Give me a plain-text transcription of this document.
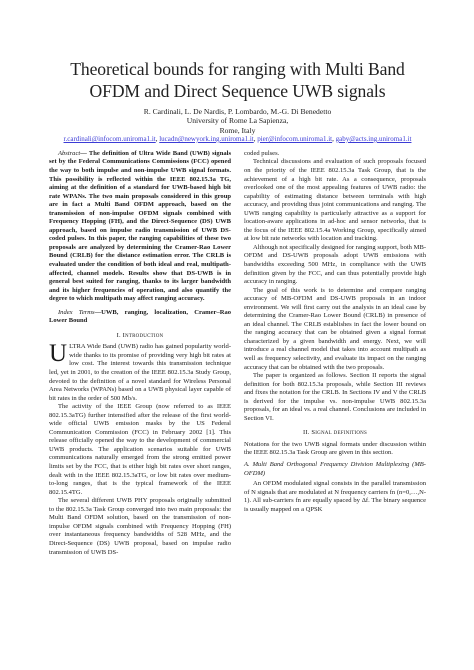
Theoretical bounds for ranging with Multi Band OFDM and Direct Sequence UWB signals
R. Cardinali, L. De Nardis, P. Lombardo, M.-G. Di Benedetto
University of Rome La Sapienza,
Rome, Italy
r.cardinali@infocom.uniroma1.it, lucadn@newyork.ing.uniroma1.it, pier@infocom.uniroma1.it, gaby@acts.ing.uniroma1.it

Abstract— The definition of Ultra Wide Band (UWB) signals set by the Federal Communications Commissions (FCC) opened the way to both impulse and non-impulse UWB signal formats. This possibility is reflected within the IEEE 802.15.3a TG, aiming at the definition of a standard for UWB-based high bit rate WPANs. The two main proposals considered in this group are in fact a Multi Band OFDM approach, based on the transmission of non-impulse OFDM signals combined with Frequency Hopping (FH), and the Direct-Sequence (DS) UWB approach, based on impulse radio transmission of UWB DS-coded pulses. In this paper, the ranging capabilities of these two proposals are analyzed by determining the Cramer-Rao Lower Bound (CRLB) for the distance estimation error. The CRLB is evaluated under the condition of both ideal and real, multipath-affected, channel models. Results show that DS-UWB is in general best suited for ranging, thanks to its larger bandwidth and its higher frequencies of operation, and also quantify the degree to which multipath may affect ranging accuracy.

Index Terms—UWB, ranging, localization, Cramer–Rao Lower Bound

I. Introduction

ULTRA Wide Band (UWB) radio has gained popularity world-wide thanks to its promise of providing very high bit rates at low cost. The interest towards this transmission technique led, yet in 2001, to the creation of the IEEE 802.15.3a Study Group, devoted to the definition of a novel standard for Wireless Personal Area Networks (WPANs) based on a UWB physical layer capable of bit rates in the order of 500 Mb/s.

The activity of the IEEE Group (now referred to as IEEE 802.15.3aTG) further intensified after the release of the first world-wide official UWB emission masks by the US Federal Communication Commission (FCC) in February 2002 [1]. This release officially opened the way to the development of commercial UWB products. The application scenarios suitable for UWB communications naturally emerged from the strong emitted power limits set by the FCC, that is either high bit rates over short ranges, dealt with in the IEEE 802.15.3aTG, or low bit rates over medium-to-long ranges, that is the typical framework of the IEEE 802.15.4TG.

The several different UWB PHY proposals originally submitted to the 802.15.3a Task Group converged into two main proposals: the Multi Band OFDM solution, based on the transmission of non-impulse OFDM signals combined with Frequency Hopping (FH) over instantaneous frequency bandwidths of 528 MHz, and the Direct-Sequence (DS) UWB proposal, based on impulse radio transmission of UWB DS-

coded pulses.

Technical discussions and evaluation of such proposals focused on the priority of the IEEE 802.15.3a Task Group, that is the achievement of a high bit rate. As a consequence, proposals overlooked one of the most appealing features of UWB radio: the capability of estimating distance between terminals with high accuracy, and providing thus joint communications and ranging. The UWB ranging capability is particularly attractive as a support for location-aware applications in ad-hoc and sensor networks, that is the focus of the IEEE 802.15.4a Working Group, specifically aimed at low bit rate networks with location and tracking.

Although not specifically designed for ranging support, both MB-OFDM and DS-UWB proposals adopt UWB emissions with bandwidths exceeding 500 MHz, in compliance with the UWB definition given by the FCC, and can thus potentially provide high accuracy in ranging.

The goal of this work is to determine and compare ranging accuracy of MB-OFDM and DS-UWB proposals in an indoor environment. We will first carry out the analysis in an ideal case by determining the Cramer-Rao Lower Bound (CRLB) in presence of an ideal channel. The CRLB establishes in fact the lower bound on the ranging accuracy that can be obtained given a signal format characterized by a given bandwidth and energy. Next, we will introduce a real channel model that takes into account multipath as well as frequency selectivity, and evaluate its impact on the ranging accuracy that can be obtained with the two proposals.

The paper is organized as follows. Section II reports the signal definition for both 802.15.3a proposals, while Section III reviews and fixes the notation for the CRLB. In Sections IV and V the CRLB is derived for the impulse vs. non-impulse UWB 802.15.3a proposals, for an ideal vs. a real channel. Conclusions are included in Section VI.

II. Signal definitions

Notations for the two UWB signal formats under discussion within the IEEE 802.15.3a Task Group are given in this section.

A. Multi Band Orthogonal Frequency Division Multiplexing (MB-OFDM)

An OFDM modulated signal consists in the parallel transmission of N signals that are modulated at N frequency carriers fn (n=0,…,N-1). All sub-carriers fn are equally spaced by Δf. The binary sequence is usually mapped on a QPSK
